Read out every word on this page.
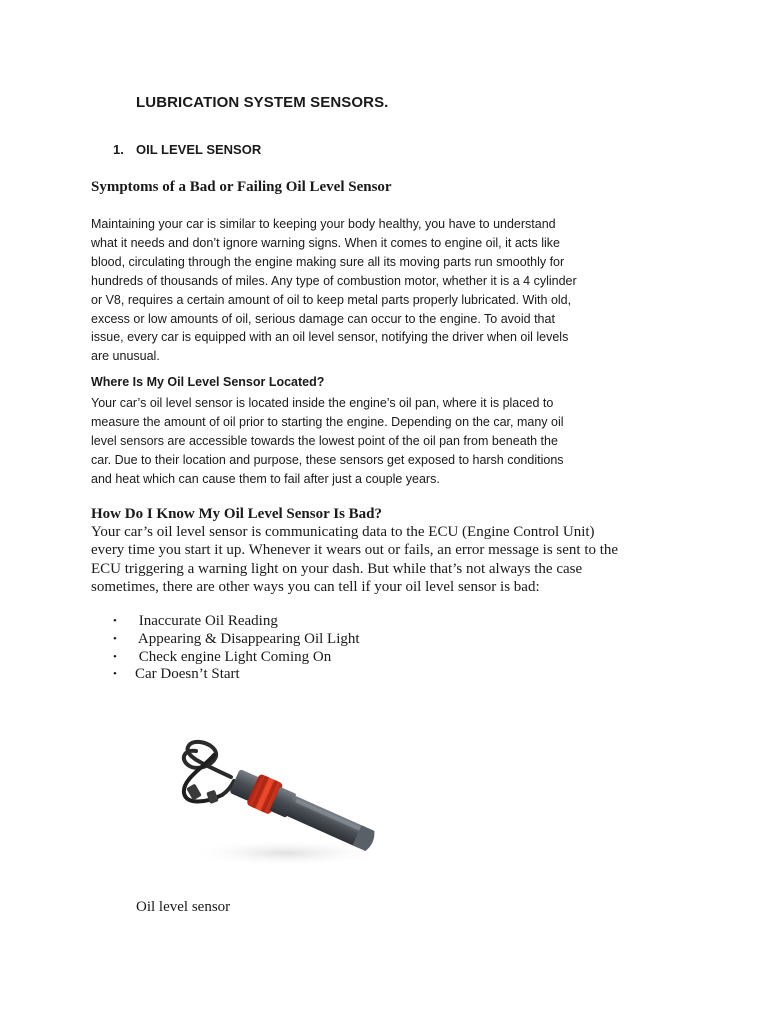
LUBRICATION SYSTEM SENSORS.
1. OIL LEVEL SENSOR
Symptoms of a Bad or Failing Oil Level Sensor

Maintaining your car is similar to keeping your body healthy, you have to understand
what it needs and don’t ignore warning signs. When it comes to engine oil, it acts like
blood, circulating through the engine making sure all its moving parts run smoothly for
hundreds of thousands of miles. Any type of combustion motor, whether it is a 4 cylinder
or V8, requires a certain amount of oil to keep metal parts properly lubricated. With old,
excess or low amounts of oil, serious damage can occur to the engine. To avoid that
issue, every car is equipped with an oil level sensor, notifying the driver when oil levels
are unusual.

Where Is My Oil Level Sensor Located?

Your car’s oil level sensor is located inside the engine’s oil pan, where it is placed to
measure the amount of oil prior to starting the engine. Depending on the car, many oil
level sensors are accessible towards the lowest point of the oil pan from beneath the
car. Due to their location and purpose, these sensors get exposed to harsh conditions
and heat which can cause them to fail after just a couple years.

How Do I Know My Oil Level Sensor Is Bad?

Your car’s oil level sensor is communicating data to the ECU (Engine Control Unit)
every time you start it up. Whenever it wears out or fails, an error message is sent to the
ECU triggering a warning light on your dash. But while that’s not always the case
sometimes, there are other ways you can tell if your oil level sensor is bad:

•	Inaccurate Oil Reading
•	Appearing & Disappearing Oil Light
•	Check engine Light Coming On
•	Car Doesn’t Start
Oil level sensor
